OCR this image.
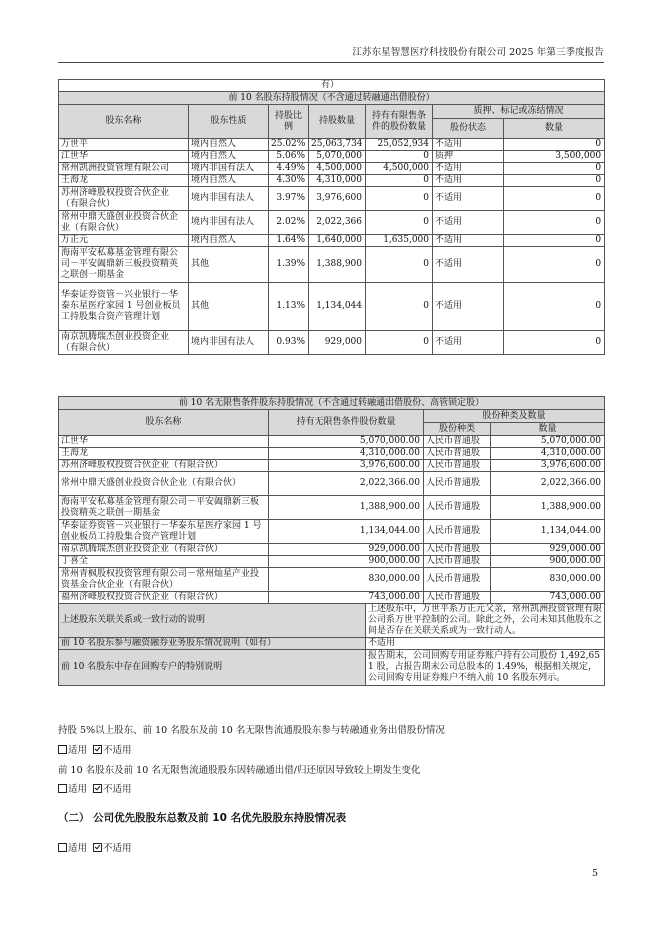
江苏东星智慧医疗科技股份有限公司 2025 年第三季度报告
有）						
前 10 名股东持股情况（不含通过转融通出借股份）						
股东名称	股东性质	持股比例	持股数量	持有有限售条件的股份数量	质押、标记或冻结情况	
					股份状态	数量
万世平	境内自然人	25.02%	25,063,734	25,052,934	不适用	0
江世华	境内自然人	5.06%	5,070,000	0	质押	3,500,000
常州凯洲投资管理有限公司	境内非国有法人	4.49%	4,500,000	4,500,000	不适用	0
王海龙	境内自然人	4.30%	4,310,000	0	不适用	0
苏州济峰股权投资合伙企业（有限合伙）	境内非国有法人	3.97%	3,976,600	0	不适用	0
常州中鼎天盛创业投资合伙企业（有限合伙）	境内非国有法人	2.02%	2,022,366	0	不适用	0
万正元	境内自然人	1.64%	1,640,000	1,635,000	不适用	0
海南平安私募基金管理有限公司－平安阖鼎新三板投资精英之联创一期基金	其他	1.39%	1,388,900	0	不适用	0
华泰证券资管－兴业银行－华泰东星医疗家园 1 号创业板员工持股集合资产管理计划	其他	1.13%	1,134,044	0	不适用	0
南京凯腾瑞杰创业投资企业（有限合伙）	境内非国有法人	0.93%	929,000	0	不适用	0
前 10 名无限售条件股东持股情况（不含通过转融通出借股份、高管锁定股）				
股东名称	持有无限售条件股份数量		股份种类及数量	
			股份种类	数量
江世华	5,070,000.00		人民币普通股	5,070,000.00
王海龙	4,310,000.00		人民币普通股	4,310,000.00
苏州济峰股权投资合伙企业（有限合伙）	3,976,600.00		人民币普通股	3,976,600.00
常州中鼎天盛创业投资合伙企业（有限合伙）	2,022,366.00		人民币普通股	2,022,366.00
海南平安私募基金管理有限公司－平安阖鼎新三板投资精英之联创一期基金	1,388,900.00		人民币普通股	1,388,900.00
华泰证券资管－兴业银行－华泰东星医疗家园 1 号创业板员工持股集合资产管理计划	1,134,044.00		人民币普通股	1,134,044.00
南京凯腾瑞杰创业投资企业（有限合伙）	929,000.00		人民币普通股	929,000.00
丁喜全	900,000.00		人民币普通股	900,000.00
常州青枫股权投资管理有限公司－常州灿星产业投资基金合伙企业（有限合伙）	830,000.00		人民币普通股	830,000.00
福州济峰股权投资合伙企业（有限合伙）	743,000.00		人民币普通股	743,000.00
上述股东关联关系或一致行动的说明		上述股东中，万世平系万正元父亲，常州凯洲投资管理有限公司系万世平控制的公司。除此之外，公司未知其他股东之间是否存在关联关系或为一致行动人。		
前 10 名股东参与融资融券业务股东情况说明（如有）		不适用		
前 10 名股东中存在回购专户的特别说明		报告期末，公司回购专用证券账户持有公司股份 1,492,651 股，占报告期末公司总股本的 1.49%，根据相关规定，公司回购专用证券账户不纳入前 10 名股东列示。		
持股 5%以上股东、前 10 名股东及前 10 名无限售流通股股东参与转融通业务出借股份情况
适用 不适用
前 10 名股东及前 10 名无限售流通股股东因转融通出借/归还原因导致较上期发生变化
适用 不适用
（二） 公司优先股股东总数及前 10 名优先股股东持股情况表
适用 不适用
5
